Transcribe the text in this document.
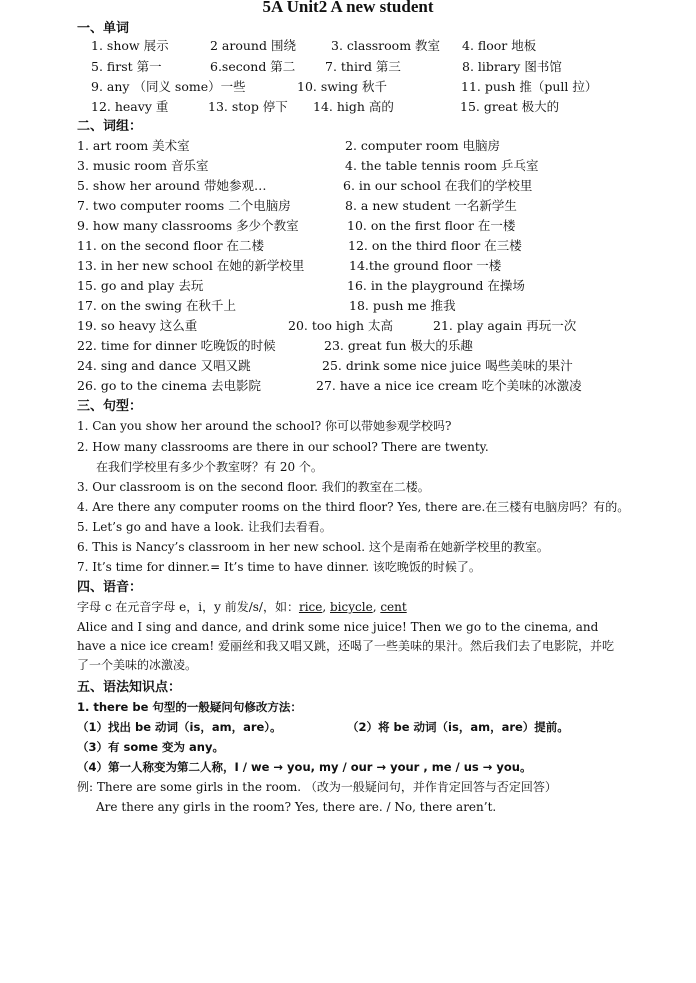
5A Unit2 A new student
一、单词
1. show 展示	2 around 围绕	3. classroom 教室 4. floor 地板
5. first 第一	6.second 第二 7. third 第三	8. library 图书馆
9. any （同义 some）一些	10. swing 秋千	11. push 推（pull 拉）
12. heavy 重	13. stop 停下 14. high 高的	15. great 极大的
二、词组：
1. art room 美术室	2. computer room 电脑房
3. music room 音乐室	4. the table tennis room 乒乓室
5. show her around 带她参观…	6. in our school 在我们的学校里
7. two computer rooms 二个电脑房	8. a new student 一名新学生
9. how many classrooms 多少个教室	10. on the first floor 在一楼
11. on the second floor 在二楼	12. on the third floor 在三楼
13. in her new school 在她的新学校里	14.the ground floor 一楼
15. go and play 去玩	16. in the playground 在操场
17. on the swing 在秋千上	18. push me 推我
19. so heavy 这么重	20. too high 太高	21. play again 再玩一次
22. time for dinner 吃晚饭的时候	23. great fun 极大的乐趣
24. sing and dance 又唱又跳	25. drink some nice juice 喝些美味的果汁
26. go to the cinema 去电影院	27. have a nice ice cream 吃个美味的冰激凌
三、句型：
1. Can you show her around the school? 你可以带她参观学校吗?
2. How many classrooms are there in our school? There are twenty.
在我们学校里有多少个教室呀？有 20 个。
3. Our classroom is on the second floor. 我们的教室在二楼。
4. Are there any computer rooms on the third floor? Yes, there are.在三楼有电脑房吗？有的。
5. Let’s go and have a look. 让我们去看看。
6. This is Nancy’s classroom in her new school. 这个是南希在她新学校里的教室。
7. It’s time for dinner.= It’s time to have dinner. 该吃晚饭的时候了。
四、语音：
字母 c 在元音字母 e，i，y 前发/s/，如：rice, bicycle, cent
Alice and I sing and dance, and drink some nice juice! Then we go to the cinema, and have a nice ice cream! 爱丽丝和我又唱又跳，还喝了一些美味的果汁。然后我们去了电影院，并吃了一个美味的冰激凌。
五、语法知识点：
1. there be 句型的一般疑问句修改方法：
（1）找出 be 动词（is，am，are）。	（2）将 be 动词（is，am，are）提前。
（3）有 some 变为 any。
（4）第一人称变为第二人称，I / we → you, my / our → your , me / us → you。
例: There are some girls in the room. （改为一般疑问句，并作肯定回答与否定回答）
Are there any girls in the room? Yes, there are. / No, there aren’t.
